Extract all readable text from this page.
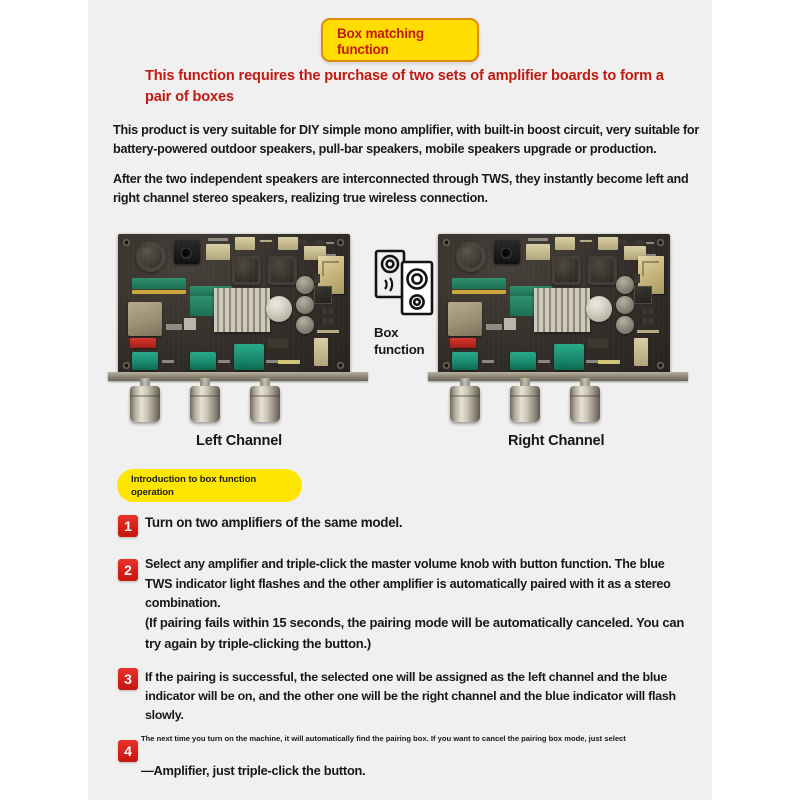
Box matching
function
This function requires the purchase of two sets of amplifier boards to form a pair of boxes
This product is very suitable for DIY simple mono amplifier, with built-in boost circuit, very suitable for battery-powered outdoor speakers, pull-bar speakers, mobile speakers upgrade or production.
After the two independent speakers are interconnected through TWS, they instantly become left and right channel stereo speakers, realizing true wireless connection.
Box
function
Left Channel	Right Channel
Introduction to box function
operation
1 Turn on two amplifiers of the same model.
2	Select any amplifier and triple-click the master volume knob with button function. The blue TWS indicator light flashes and the other amplifier is automatically paired with it as a stereo combination.
(If pairing fails within 15 seconds, the pairing mode will be automatically canceled. You can try again by triple-clicking the button.)
3	If the pairing is successful, the selected one will be assigned as the left channel and the blue indicator will be on, and the other one will be the right channel and the blue indicator will flash slowly.
4
The next time you turn on the machine, it will automatically find the pairing box. If you want to cancel the pairing box mode, just select
—Amplifier, just triple-click the button.
